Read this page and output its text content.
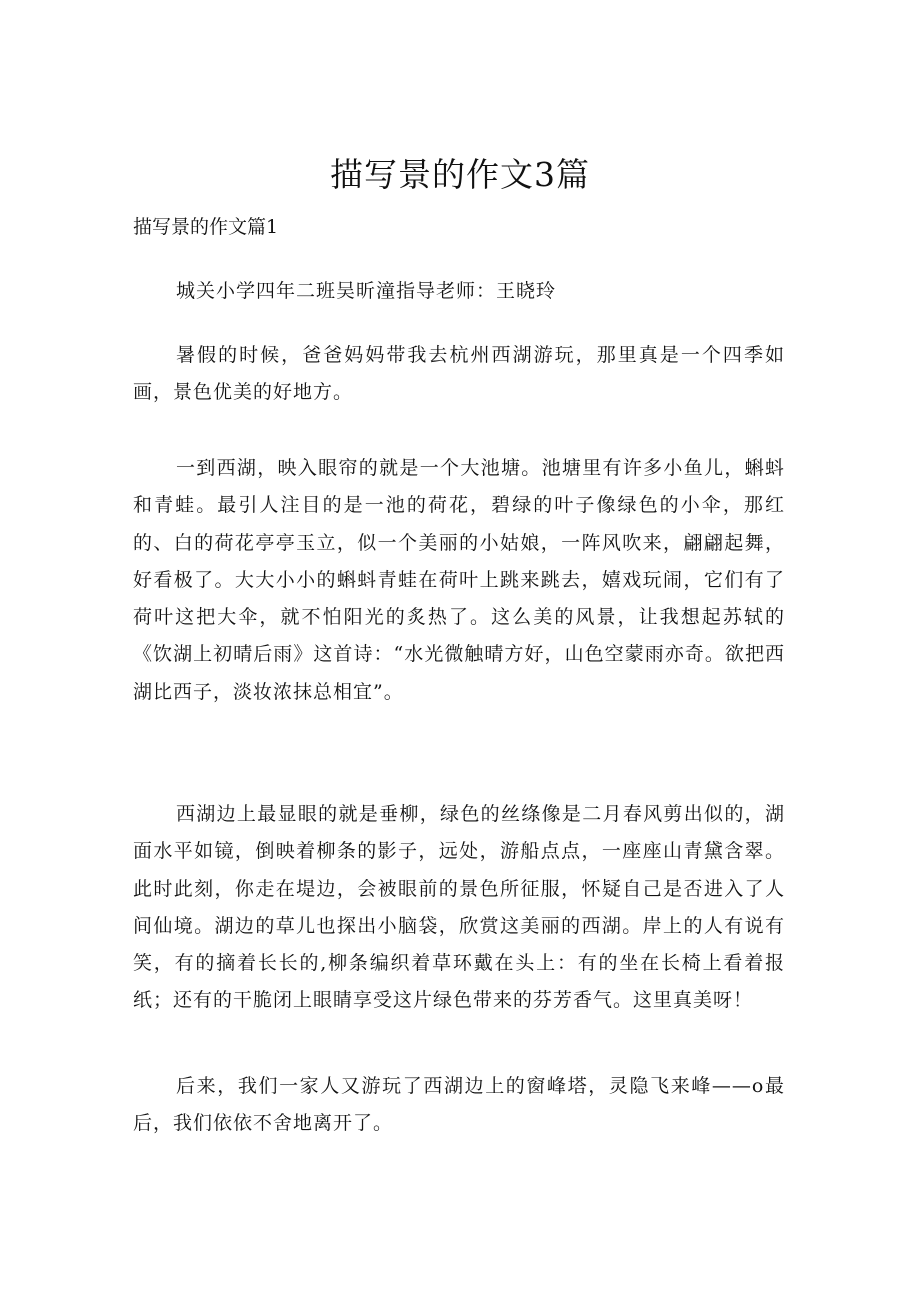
描写景的作文3篇
描写景的作文篇1
城关小学四年二班吴昕潼指导老师：王晓玲
暑假的时候，爸爸妈妈带我去杭州西湖游玩，那里真是一个四季如画，景色优美的好地方。
一到西湖，映入眼帘的就是一个大池塘。池塘里有许多小鱼儿，蝌蚪和青蛙。最引人注目的是一池的荷花，碧绿的叶子像绿色的小伞，那红的、白的荷花亭亭玉立，似一个美丽的小姑娘，一阵风吹来，翩翩起舞，好看极了。大大小小的蝌蚪青蛙在荷叶上跳来跳去，嬉戏玩闹，它们有了荷叶这把大伞，就不怕阳光的炙热了。这么美的风景，让我想起苏轼的《饮湖上初晴后雨》这首诗：“水光微触晴方好，山色空蒙雨亦奇。欲把西湖比西子，淡妆浓抹总相宜”。
西湖边上最显眼的就是垂柳，绿色的丝绦像是二月春风剪出似的，湖面水平如镜，倒映着柳条的影子，远处，游船点点，一座座山青黛含翠。此时此刻，你走在堤边，会被眼前的景色所征服，怀疑自己是否进入了人间仙境。湖边的草儿也探出小脑袋，欣赏这美丽的西湖。岸上的人有说有笑，有的摘着长长的,柳条编织着草环戴在头上：有的坐在长椅上看着报纸；还有的干脆闭上眼睛享受这片绿色带来的芬芳香气。这里真美呀！
后来，我们一家人又游玩了西湖边上的窗峰塔，灵隐飞来峰——o最后，我们依依不舍地离开了。
